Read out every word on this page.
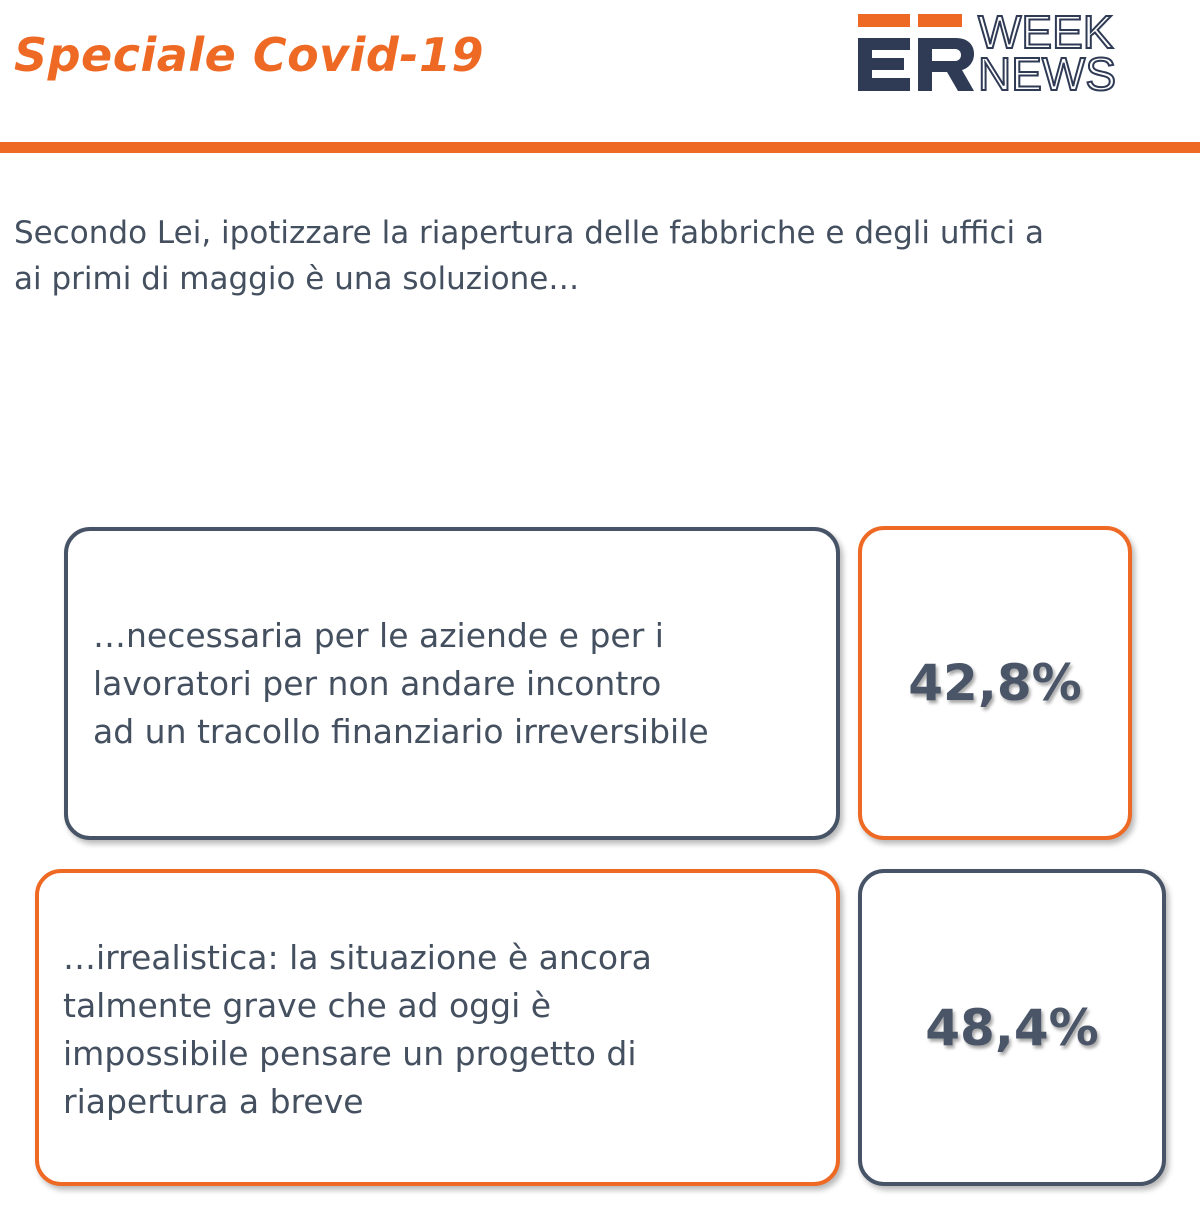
Speciale Covid-19	WEEK
NEWS
Secondo Lei, ipotizzare la riapertura delle fabbriche e degli uffici a
ai primi di maggio è una soluzione…
…necessaria per le aziende e per i
lavoratori per non andare incontro
ad un tracollo finanziario irreversibile
42,8%
…irrealistica: la situazione è ancora
talmente grave che ad oggi è
impossibile pensare un progetto di
riapertura a breve
48,4%
